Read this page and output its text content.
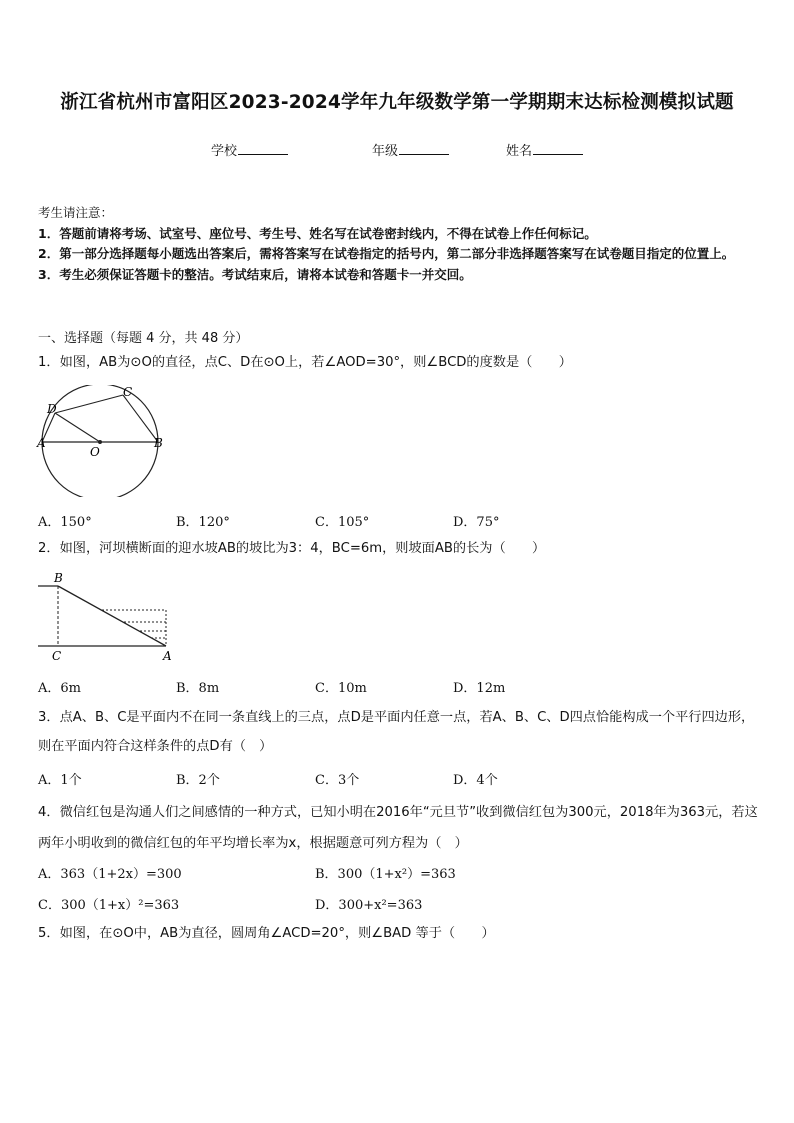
浙江省杭州市富阳区2023-2024学年九年级数学第一学期期末达标检测模拟试题
学校	年级	姓名
考生请注意：
1．答题前请将考场、试室号、座位号、考生号、姓名写在试卷密封线内，不得在试卷上作任何标记。
2．第一部分选择题每小题选出答案后，需将答案写在试卷指定的括号内，第二部分非选择题答案写在试卷题目指定的位置上。
3．考生必须保证答题卡的整洁。考试结束后，请将本试卷和答题卡一并交回。
一、选择题（每题 4 分，共 48 分）
1．如图，AB为⊙O的直径，点C、D在⊙O上，若∠AOD=30°，则∠BCD的度数是（　　）
A	B
C
D
O
A．150°	B．120°	C．105°	D．75°
2．如图，河坝横断面的迎水坡AB的坡比为3：4，BC=6m，则坡面AB的长为（　　）
B
C	A
A．6m	B．8m	C．10m	D．12m
3．点A、B、C是平面内不在同一条直线上的三点，点D是平面内任意一点，若A、B、C、D四点恰能构成一个平行四边形，则在平面内符合这样条件的点D有（　）
A．1个	B．2个	C．3个	D．4个
4．微信红包是沟通人们之间感情的一种方式，已知小明在2016年“元旦节”收到微信红包为300元，2018年为363元，若这两年小明收到的微信红包的年平均增长率为x，根据题意可列方程为（　）
A．363（1+2x）=300	B．300（1+x²）=363
C．300（1+x）²=363	D．300+x²=363
5．如图，在⊙O中，AB为直径，圆周角∠ACD=20°，则∠BAD 等于（　　）
